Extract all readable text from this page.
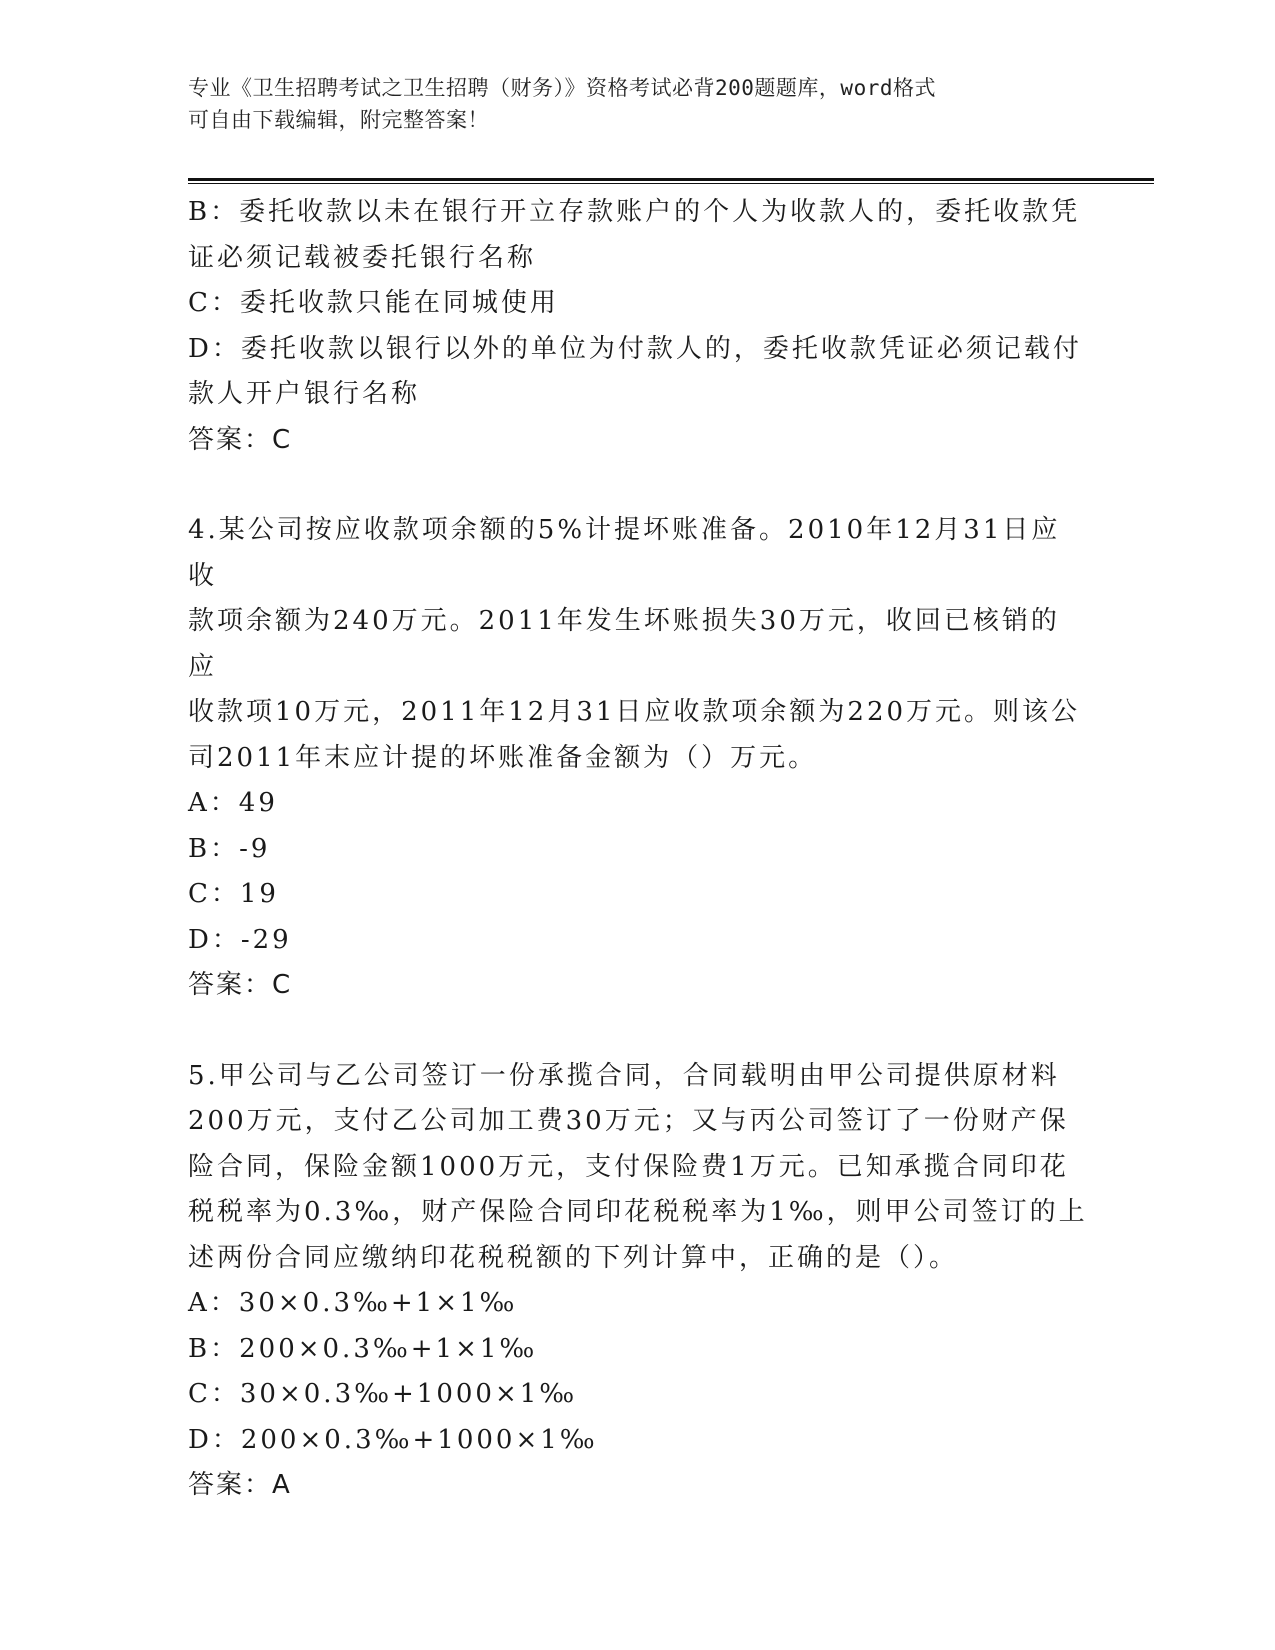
专业《卫生招聘考试之卫生招聘（财务）》资格考试必背200题题库，word格式
可自由下载编辑，附完整答案！

B：委托收款以未在银行开立存款账户的个人为收款人的，委托收款凭

证必须记载被委托银行名称

C：委托收款只能在同城使用

D：委托收款以银行以外的单位为付款人的，委托收款凭证必须记载付

款人开户银行名称

答案：C

4.某公司按应收款项余额的5%计提坏账准备。2010年12月31日应收

款项余额为240万元。2011年发生坏账损失30万元，收回已核销的应

收款项10万元，2011年12月31日应收款项余额为220万元。则该公

司2011年末应计提的坏账准备金额为（）万元。

A：49

B：-9

C：19

D：-29

答案：C

5.甲公司与乙公司签订一份承揽合同，合同载明由甲公司提供原材料

200万元，支付乙公司加工费30万元；又与丙公司签订了一份财产保

险合同，保险金额1000万元，支付保险费1万元。已知承揽合同印花

税税率为0.3‰，财产保险合同印花税税率为1‰，则甲公司签订的上

述两份合同应缴纳印花税税额的下列计算中，正确的是（）。

A：30×0.3‰+1×1‰

B：200×0.3‰+1×1‰

C：30×0.3‰+1000×1‰

D：200×0.3‰+1000×1‰

答案：A
